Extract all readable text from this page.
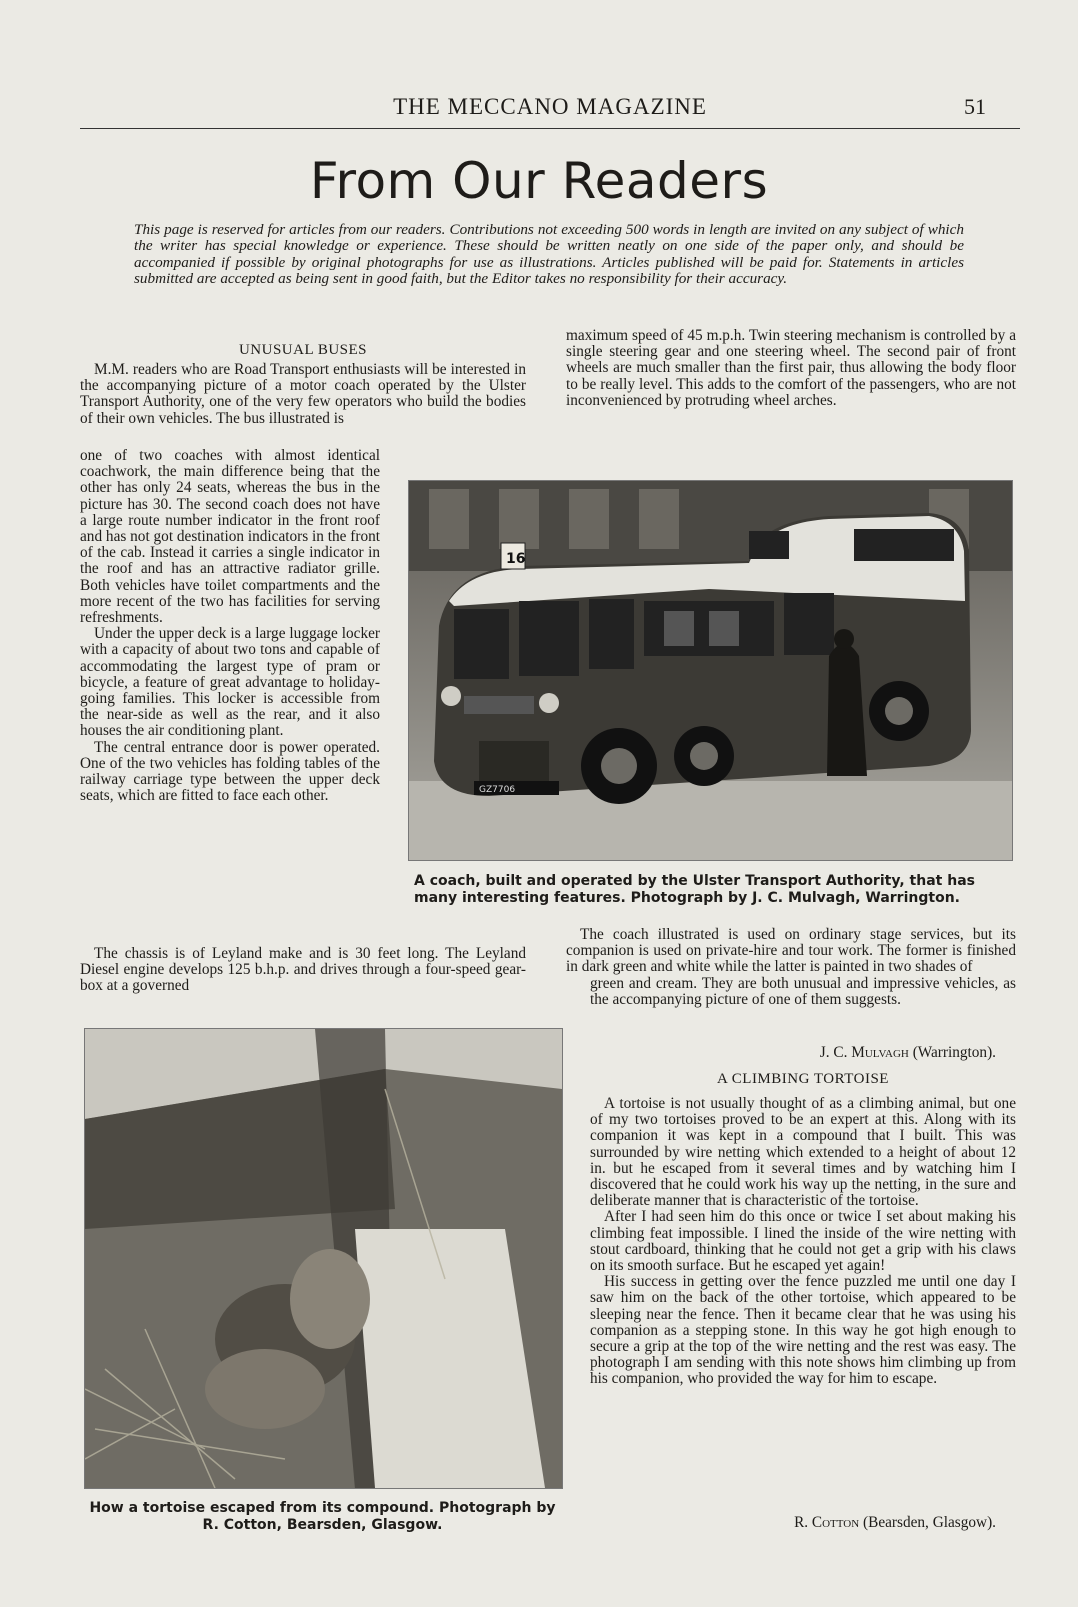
THE MECCANO MAGAZINE	51
From Our Readers
This page is reserved for articles from our readers. Contributions not exceeding 500 words in length are invited on any subject of which the writer has special knowledge or experience. These should be written neatly on one side of the paper only, and should be accompanied if possible by original photographs for use as illustrations. Articles published will be paid for. Statements in articles submitted are accepted as being sent in good faith, but the Editor takes no responsibility for their accuracy.
UNUSUAL BUSES

M.M. readers who are Road Transport enthusiasts will be interested in the accompanying picture of a motor coach operated by the Ulster Transport Authority, one of the very few operators who build the bodies of their own vehicles. The bus illustrated is

one of two coaches with almost identical coachwork, the main difference being that the other has only 24 seats, whereas the bus in the picture has 30. The second coach does not have a large route number indicator in the front roof and has not got destination indicators in the front of the cab. Instead it carries a single indicator in the roof and has an attractive radiator grille. Both vehicles have toilet compartments and the more recent of the two has facilities for serving refreshments.

Under the upper deck is a large luggage locker with a capacity of about two tons and capable of accommodating the largest type of pram or bicycle, a feature of great advantage to holiday-going families. This locker is accessible from the near-side as well as the rear, and it also houses the air conditioning plant.

The central entrance door is power operated. One of the two vehicles has folding tables of the railway carriage type between the upper deck seats, which are fitted to face each other.

The chassis is of Leyland make and is 30 feet long. The Leyland Diesel engine develops 125 b.h.p. and drives through a four-speed gear-box at a governed

maximum speed of 45 m.p.h. Twin steering mechanism is controlled by a single steering gear and one steering wheel. The second pair of front wheels are much smaller than the first pair, thus allowing the body floor to be really level. This adds to the comfort of the passengers, who are not inconvenienced by protruding wheel arches.

16
GZ7706
A coach, built and operated by the Ulster Transport Authority, that has many interesting features. Photograph by J. C. Mulvagh, Warrington.

The coach illustrated is used on ordinary stage services, but its companion is used on private-hire and tour work. The former is finished in dark green and white while the latter is painted in two shades of

green and cream. They are both unusual and impressive vehicles, as the accompanying picture of one of them suggests.

J. C. Mulvagh (Warrington).
How a tortoise escaped from its compound. Photograph by R. Cotton, Bearsden, Glasgow.
A CLIMBING TORTOISE

A tortoise is not usually thought of as a climbing animal, but one of my two tortoises proved to be an expert at this. Along with its companion it was kept in a compound that I built. This was surrounded by wire netting which extended to a height of about 12 in. but he escaped from it several times and by watching him I discovered that he could work his way up the netting, in the sure and deliberate manner that is characteristic of the tortoise.

After I had seen him do this once or twice I set about making his climbing feat impossible. I lined the inside of the wire netting with stout cardboard, thinking that he could not get a grip with his claws on its smooth surface. But he escaped yet again!

His success in getting over the fence puzzled me until one day I saw him on the back of the other tortoise, which appeared to be sleeping near the fence. Then it became clear that he was using his companion as a stepping stone. In this way he got high enough to secure a grip at the top of the wire netting and the rest was easy. The photograph I am sending with this note shows him climbing up from his companion, who provided the way for him to escape.

R. Cotton (Bearsden, Glasgow).
